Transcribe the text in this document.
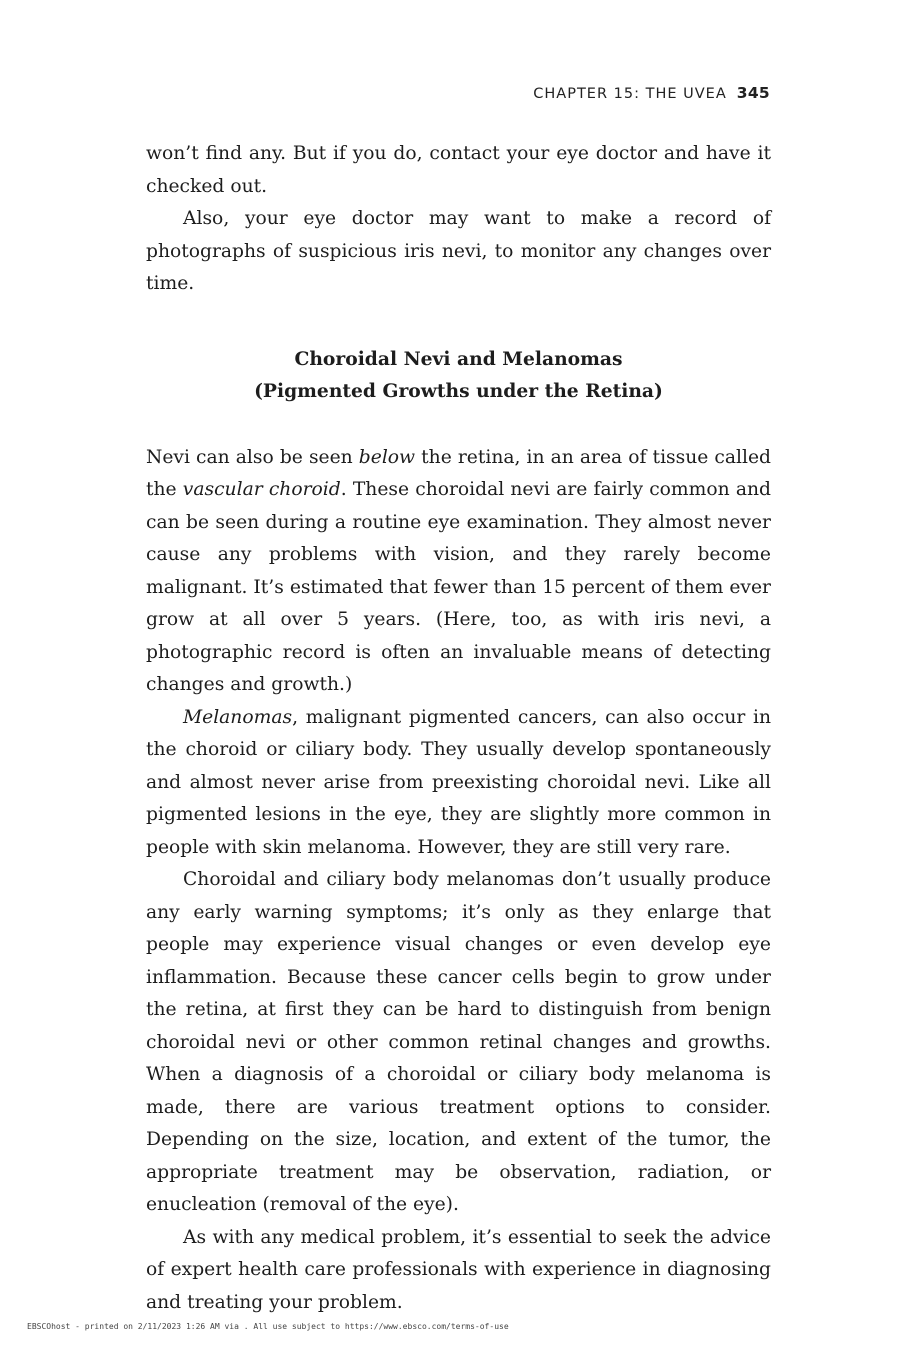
CHAPTER 15: THE UVEA 345

won’t find any. But if you do, contact your eye doctor and have it checked out.

Also, your eye doctor may want to make a record of photographs of suspicious iris nevi, to monitor any changes over time.

Choroidal Nevi and Melanomas
(Pigmented Growths under the Retina)

Nevi can also be seen below the retina, in an area of tissue called the vascular choroid. These choroidal nevi are fairly common and can be seen during a routine eye examination. They almost never cause any problems with vision, and they rarely become malignant. It’s estimated that fewer than 15 percent of them ever grow at all over 5 years. (Here, too, as with iris nevi, a photographic record is often an invaluable means of detecting changes and growth.)

Melanomas, malignant pigmented cancers, can also occur in the choroid or ciliary body. They usually develop spontaneously and almost never arise from preexisting choroidal nevi. Like all pigmented lesions in the eye, they are slightly more common in people with skin melanoma. However, they are still very rare.

Choroidal and ciliary body melanomas don’t usually produce any early warning symptoms; it’s only as they enlarge that people may experience visual changes or even develop eye inflammation. Because these cancer cells begin to grow under the retina, at first they can be hard to distinguish from benign choroidal nevi or other common retinal changes and growths. When a diagnosis of a choroidal or ciliary body melanoma is made, there are various treatment options to consider. Depending on the size, location, and extent of the tumor, the appropriate treatment may be observation, radiation, or enucleation (removal of the eye).

As with any medical problem, it’s essential to seek the advice of expert health care professionals with experience in diagnosing and treating your problem.

EBSCOhost - printed on 2/11/2023 1:26 AM via . All use subject to https://www.ebsco.com/terms-of-use
